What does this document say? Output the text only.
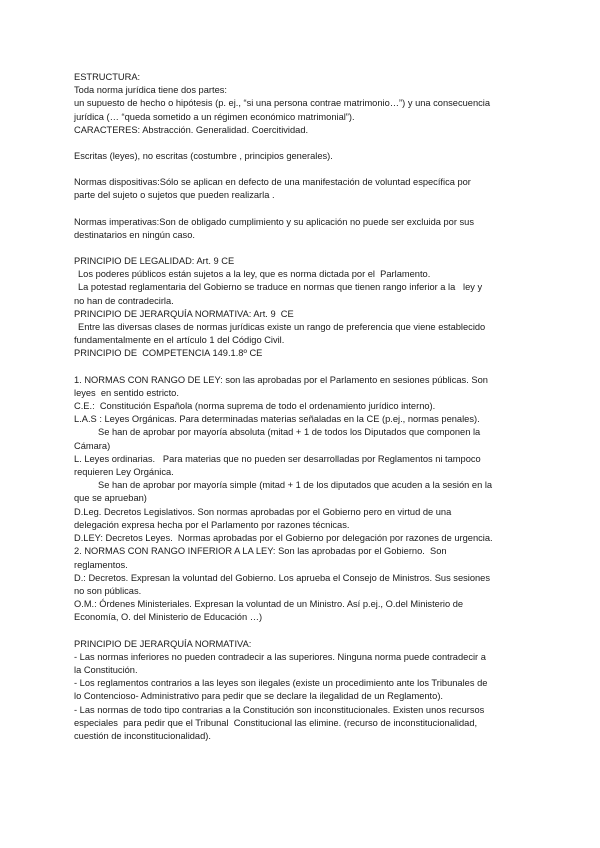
ESTRUCTURA:

Toda norma jurídica tiene dos partes:

un supuesto de hecho o hipótesis (p. ej., “si una persona contrae matrimonio…”) y una consecuencia

jurídica (… “queda sometido a un régimen económico matrimonial”).

CARACTERES: Abstracción. Generalidad. Coercitividad.

Escritas (leyes), no escritas (costumbre , principios generales).

Normas dispositivas:Sólo se aplican en defecto de una manifestación de voluntad específica por

parte del sujeto o sujetos que pueden realizarla .

Normas imperativas:Son de obligado cumplimiento y su aplicación no puede ser excluida por sus

destinatarios en ningún caso.

PRINCIPIO DE LEGALIDAD: Art. 9 CE

Los poderes públicos están sujetos a la ley, que es norma dictada por el  Parlamento.

La potestad reglamentaria del Gobierno se traduce en normas que tienen rango inferior a la   ley y

no han de contradecirla.

PRINCIPIO DE JERARQUÍA NORMATIVA: Art. 9  CE

Entre las diversas clases de normas jurídicas existe un rango de preferencia que viene establecido

fundamentalmente en el artículo 1 del Código Civil.

PRINCIPIO DE  COMPETENCIA 149.1.8º CE

1. NORMAS CON RANGO DE LEY: son las aprobadas por el Parlamento en sesiones públicas. Son

leyes  en sentido estricto.

C.E.:  Constitución Española (norma suprema de todo el ordenamiento jurídico interno).

L.A.S : Leyes Orgánicas. Para determinadas materias señaladas en la CE (p.ej., normas penales).

Se han de aprobar por mayoría absoluta (mitad + 1 de todos los Diputados que componen la

Cámara)

L. Leyes ordinarias.   Para materias que no pueden ser desarrolladas por Reglamentos ni tampoco

requieren Ley Orgánica.

Se han de aprobar por mayoría simple (mitad + 1 de los diputados que acuden a la sesión en la

que se aprueban)

D.Leg. Decretos Legislativos. Son normas aprobadas por el Gobierno pero en virtud de una

delegación expresa hecha por el Parlamento por razones técnicas.

D.LEY: Decretos Leyes.  Normas aprobadas por el Gobierno por delegación por razones de urgencia.

2. NORMAS CON RANGO INFERIOR A LA LEY: Son las aprobadas por el Gobierno.  Son

reglamentos.

D.: Decretos. Expresan la voluntad del Gobierno. Los aprueba el Consejo de Ministros. Sus sesiones

no son públicas.

O.M.: Órdenes Ministeriales. Expresan la voluntad de un Ministro. Así p.ej., O.del Ministerio de

Economía, O. del Ministerio de Educación …)

PRINCIPIO DE JERARQUÍA NORMATIVA:

- Las normas inferiores no pueden contradecir a las superiores. Ninguna norma puede contradecir a

la Constitución.

- Los reglamentos contrarios a las leyes son ilegales (existe un procedimiento ante los Tribunales de

lo Contencioso- Administrativo para pedir que se declare la ilegalidad de un Reglamento).

- Las normas de todo tipo contrarias a la Constitución son inconstitucionales. Existen unos recursos

especiales  para pedir que el Tribunal  Constitucional las elimine. (recurso de inconstitucionalidad,

cuestión de inconstitucionalidad).
